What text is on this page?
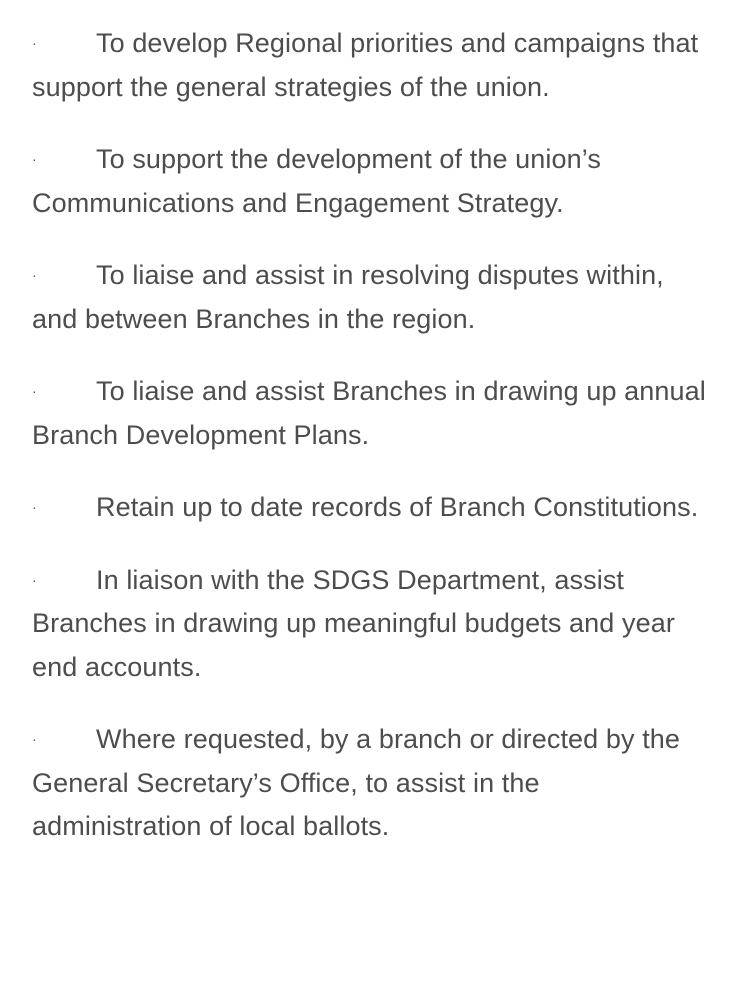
· To develop Regional priorities and campaigns that support the general strategies of the union.

· To support the development of the union’s Communications and Engagement Strategy.

· To liaise and assist in resolving disputes within, and between Branches in the region.

· To liaise and assist Branches in drawing up annual Branch Development Plans.

· Retain up to date records of Branch Constitutions.

· In liaison with the SDGS Department, assist Branches in drawing up meaningful budgets and year end accounts.

· Where requested, by a branch or directed by the General Secretary’s Office, to assist in the administration of local ballots.
